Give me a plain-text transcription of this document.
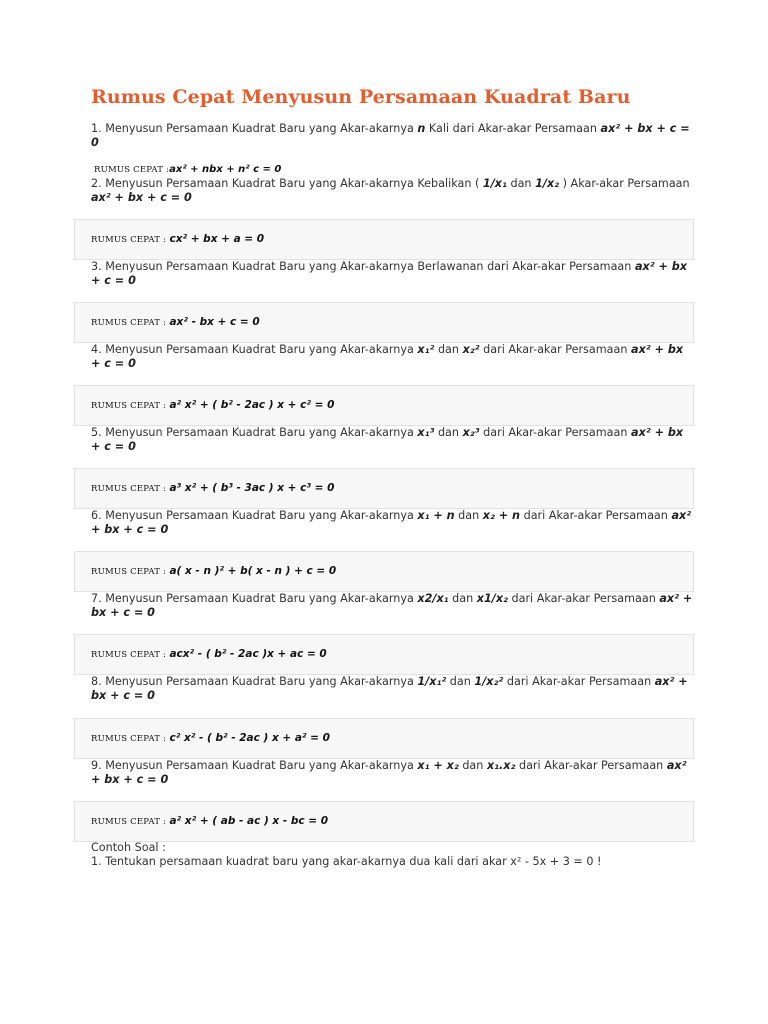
Rumus Cepat Menyusun Persamaan Kuadrat Baru

1. Menyusun Persamaan Kuadrat Baru yang Akar-akarnya n Kali dari Akar-akar Persamaan ax² + bx + c = 0

RUMUS CEPAT :ax² + nbx + n² c = 0

2. Menyusun Persamaan Kuadrat Baru yang Akar-akarnya Kebalikan ( 1/x₁ dan 1/x₂ ) Akar-akar Persamaan ax² + bx + c = 0

RUMUS CEPAT : cx² + bx + a = 0

3. Menyusun Persamaan Kuadrat Baru yang Akar-akarnya Berlawanan dari Akar-akar Persamaan ax² + bx + c = 0

RUMUS CEPAT : ax² - bx + c = 0

4. Menyusun Persamaan Kuadrat Baru yang Akar-akarnya x₁² dan x₂² dari Akar-akar Persamaan ax² + bx + c = 0

RUMUS CEPAT : a² x² + ( b² - 2ac ) x + c² = 0

5. Menyusun Persamaan Kuadrat Baru yang Akar-akarnya x₁³ dan x₂³ dari Akar-akar Persamaan ax² + bx + c = 0

RUMUS CEPAT : a³ x² + ( b³ - 3ac ) x + c³ = 0

6. Menyusun Persamaan Kuadrat Baru yang Akar-akarnya x₁ + n dan x₂ + n dari Akar-akar Persamaan ax² + bx + c = 0

RUMUS CEPAT : a( x - n )² + b( x - n ) + c = 0

7. Menyusun Persamaan Kuadrat Baru yang Akar-akarnya x2/x₁ dan x1/x₂ dari Akar-akar Persamaan ax² + bx + c = 0

RUMUS CEPAT : acx² - ( b² - 2ac )x + ac = 0

8. Menyusun Persamaan Kuadrat Baru yang Akar-akarnya 1/x₁² dan 1/x₂² dari Akar-akar Persamaan ax² + bx + c = 0

RUMUS CEPAT : c² x² - ( b² - 2ac ) x + a² = 0

9. Menyusun Persamaan Kuadrat Baru yang Akar-akarnya x₁ + x₂ dan x₁.x₂ dari Akar-akar Persamaan ax² + bx + c = 0

RUMUS CEPAT : a² x² + ( ab - ac ) x - bc = 0

Contoh Soal :

1. Tentukan persamaan kuadrat baru yang akar-akarnya dua kali dari akar x² - 5x + 3 = 0 !
